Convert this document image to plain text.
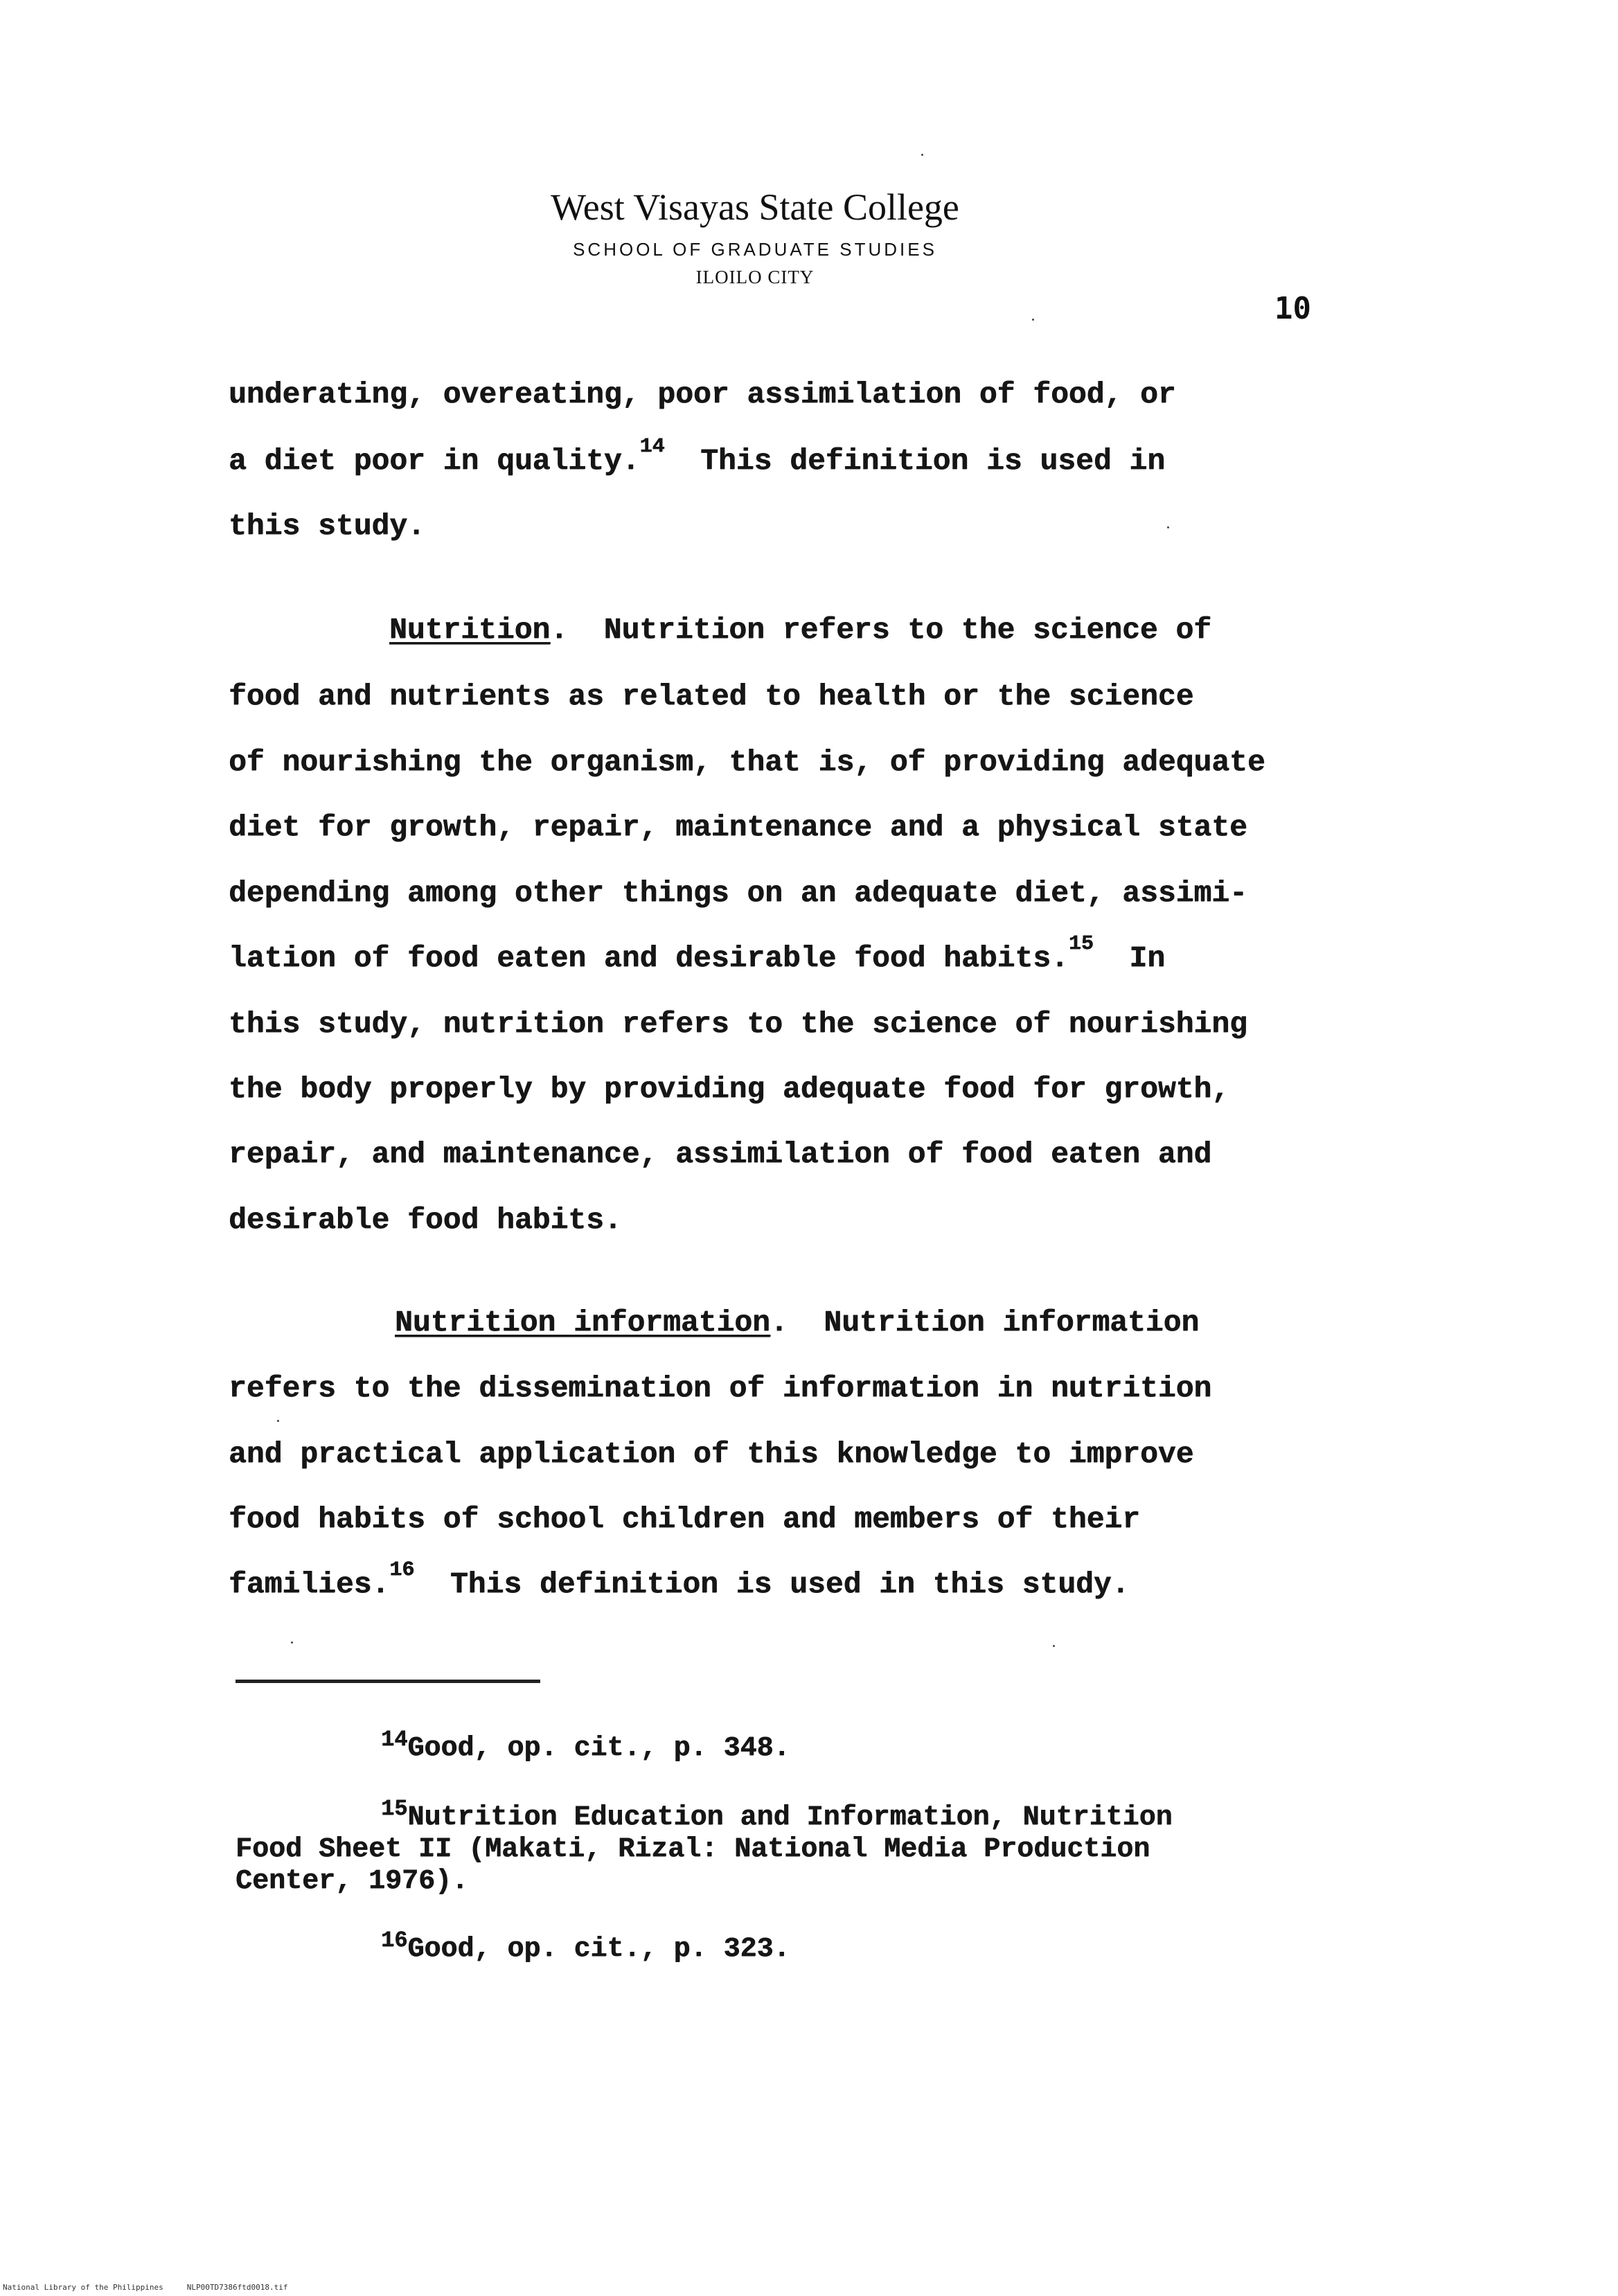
West Visayas State College
SCHOOL OF GRADUATE STUDIES
ILOILO CITY
10
underating, overeating, poor assimilation of food, or
a diet poor in quality.$^{14}$  This definition is used in
this study.
Nutrition.  Nutrition refers to the science of
food and nutrients as related to health or the science
of nourishing the organism, that is, of providing adequate
diet for growth, repair, maintenance and a physical state
depending among other things on an adequate diet, assimi-
lation of food eaten and desirable food habits.$^{15}$  In
this study, nutrition refers to the science of nourishing
the body properly by providing adequate food for growth,
repair, and maintenance, assimilation of food eaten and
desirable food habits.
Nutrition information.  Nutrition information
refers to the dissemination of information in nutrition
and practical application of this knowledge to improve
food habits of school children and members of their
families.$^{16}$  This definition is used in this study.
$^{14}$Good, op. cit., p. 348.
$^{15}$Nutrition Education and Information, Nutrition
Food Sheet II (Makati, Rizal: National Media Production
Center, 1976).
$^{16}$Good, op. cit., p. 323.
National Library of the Philippines	NLP00TD7386ftd0018.tif
